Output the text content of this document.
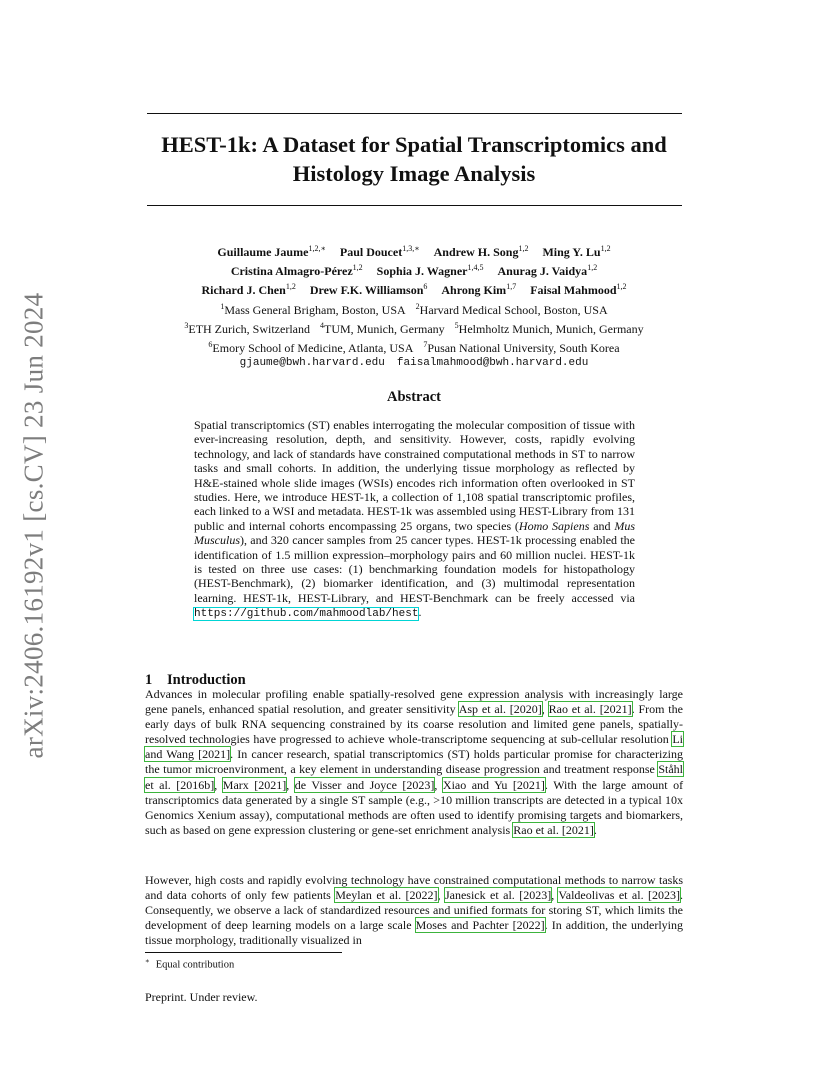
arXiv:2406.16192v1 [cs.CV] 23 Jun 2024
HEST-1k: A Dataset for Spatial Transcriptomics and Histology Image Analysis
Guillaume Jaume$^{1,2,∗}$ Paul Doucet$^{1,3,∗}$ Andrew H. Song$^{1,2}$ Ming Y. Lu$^{1,2}$
Cristina Almagro-Pérez$^{1,2}$ Sophia J. Wagner$^{1,4,5}$ Anurag J. Vaidya$^{1,2}$
Richard J. Chen$^{1,2}$ Drew F.K. Williamson$^6$ Ahrong Kim$^{1,7}$ Faisal Mahmood$^{1,2}$
$^1$Mass General Brigham, Boston, USA $^2$Harvard Medical School, Boston, USA
$^3$ETH Zurich, Switzerland $^4$TUM, Munich, Germany $^5$Helmholtz Munich, Munich, Germany
$^6$Emory School of Medicine, Atlanta, USA $^7$Pusan National University, South Korea
gjaume@bwh.harvard.edu faisalmahmood@bwh.harvard.edu
Abstract
Spatial transcriptomics (ST) enables interrogating the molecular composition of tissue with ever-increasing resolution, depth, and sensitivity. However, costs, rapidly evolving technology, and lack of standards have constrained computational methods in ST to narrow tasks and small cohorts. In addition, the underlying tissue morphology as reflected by H&E-stained whole slide images (WSIs) encodes rich information often overlooked in ST studies. Here, we introduce HEST-1k, a collection of 1,108 spatial transcriptomic profiles, each linked to a WSI and metadata. HEST-1k was assembled using HEST-Library from 131 public and internal cohorts encompassing 25 organs, two species (Homo Sapiens and Mus Musculus), and 320 cancer samples from 25 cancer types. HEST-1k processing enabled the identification of 1.5 million expression–morphology pairs and 60 million nuclei. HEST-1k is tested on three use cases: (1) benchmarking foundation models for histopathology (HEST-Benchmark), (2) biomarker identification, and (3) multimodal representation learning. HEST-1k, HEST-Library, and HEST-Benchmark can be freely accessed via https://github.com/mahmoodlab/hest.
1 Introduction

Advances in molecular profiling enable spatially-resolved gene expression analysis with increasingly large gene panels, enhanced spatial resolution, and greater sensitivity Asp et al. [2020], Rao et al. [2021]. From the early days of bulk RNA sequencing constrained by its coarse resolution and limited gene panels, spatially-resolved technologies have progressed to achieve whole-transcriptome sequencing at sub-cellular resolution Li and Wang [2021]. In cancer research, spatial transcriptomics (ST) holds particular promise for characterizing the tumor microenvironment, a key element in understanding disease progression and treatment response Ståhl et al. [2016b], Marx [2021], de Visser and Joyce [2023], Xiao and Yu [2021]. With the large amount of transcriptomics data generated by a single ST sample (e.g., >10 million transcripts are detected in a typical 10x Genomics Xenium assay), computational methods are often used to identify promising targets and biomarkers, such as based on gene expression clustering or gene-set enrichment analysis Rao et al. [2021].

However, high costs and rapidly evolving technology have constrained computational methods to narrow tasks and data cohorts of only few patients Meylan et al. [2022], Janesick et al. [2023], Valdeolivas et al. [2023]. Consequently, we observe a lack of standardized resources and unified formats for storing ST, which limits the development of deep learning models on a large scale Moses and Pachter [2022]. In addition, the underlying tissue morphology, traditionally visualized in

∗ Equal contribution
Preprint. Under review.
